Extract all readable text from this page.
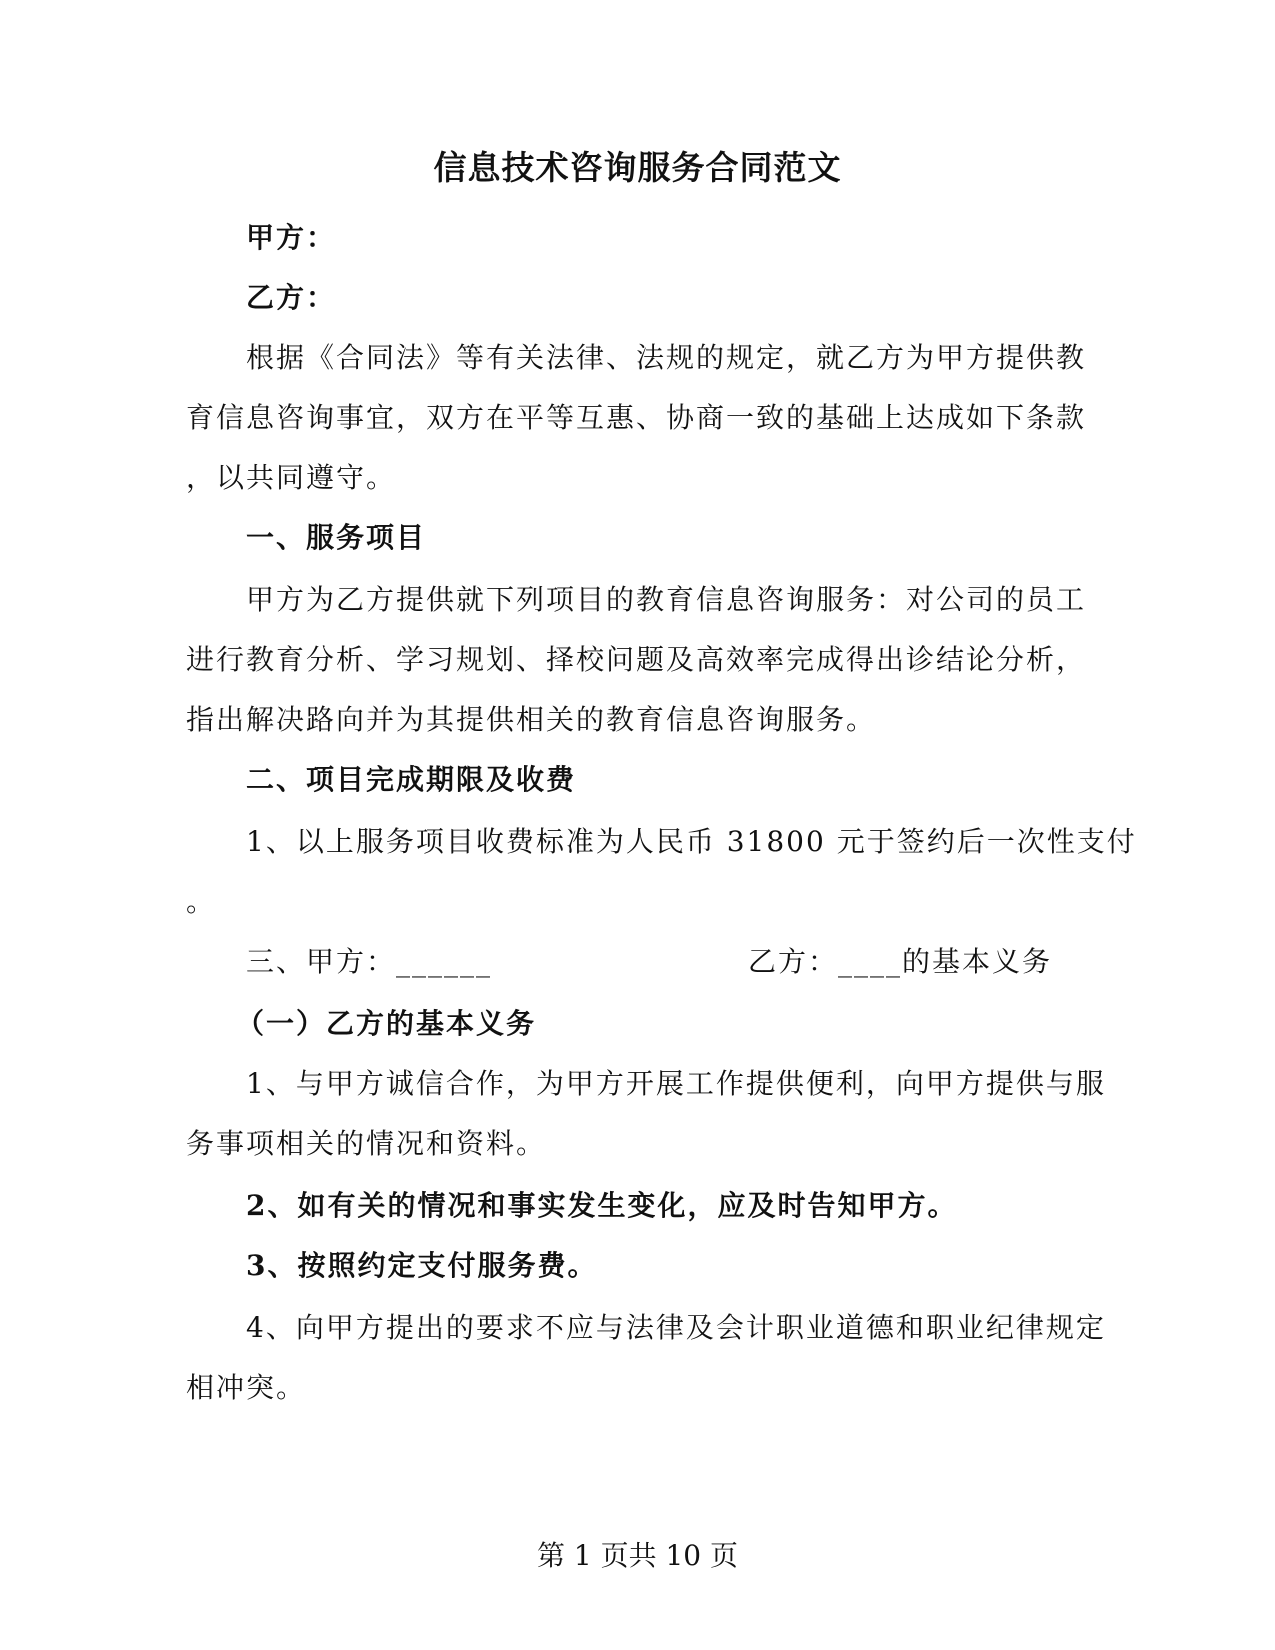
信息技术咨询服务合同范文

甲方：

乙方：

根据《合同法》等有关法律、法规的规定，就乙方为甲方提供教

育信息咨询事宜，双方在平等互惠、协商一致的基础上达成如下条款

，以共同遵守。

一、服务项目

甲方为乙方提供就下列项目的教育信息咨询服务：对公司的员工

进行教育分析、学习规划、择校问题及高效率完成得出诊结论分析，

指出解决路向并为其提供相关的教育信息咨询服务。

二、项目完成期限及收费

1、以上服务项目收费标准为人民币 31800 元于签约后一次性支付

。

三、甲方：______	乙方：____的基本义务

（一）乙方的基本义务

1、与甲方诚信合作，为甲方开展工作提供便利，向甲方提供与服

务事项相关的情况和资料。

2、如有关的情况和事实发生变化，应及时告知甲方。

3、按照约定支付服务费。

4、向甲方提出的要求不应与法律及会计职业道德和职业纪律规定

相冲突。

第 1 页共 10 页
